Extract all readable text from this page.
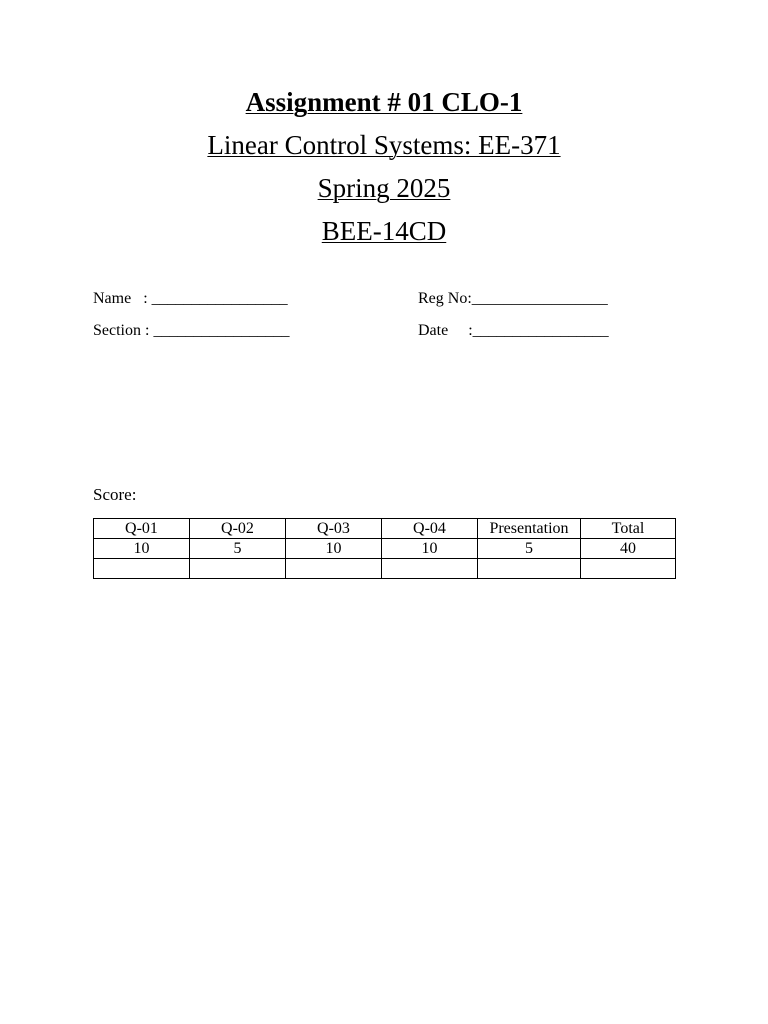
Assignment # 01 CLO-1
Linear Control Systems: EE-371
Spring 2025
BEE-14CD
Name   : _________________	Reg No:_________________
Section : _________________	Date     :_________________
Score:
Q-01	Q-02	Q-03	Q-04	Presentation	Total
10	5	10	10	5	40
